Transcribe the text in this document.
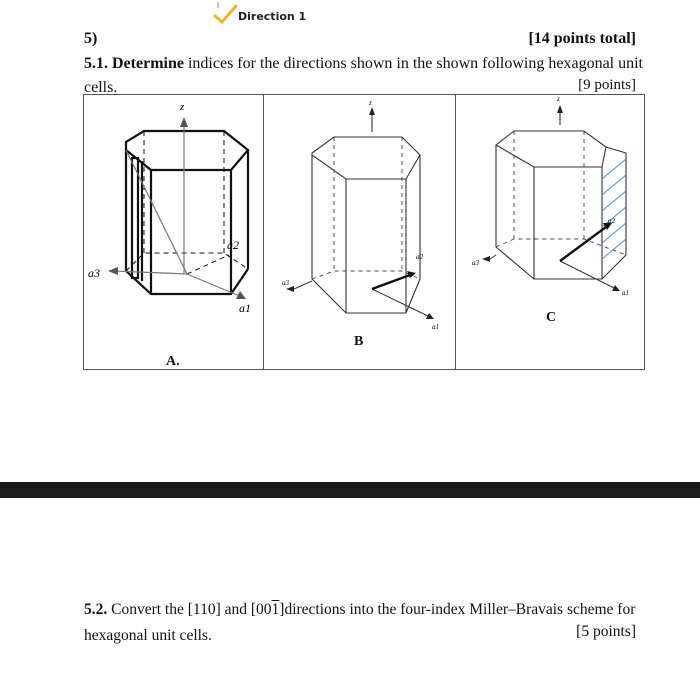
Direction 1
5)	[14 points total]
5.1. Determine indices for the directions shown in the shown following hexagonal unit cells.	[9 points]
z
a2
a3
a1
z
a2
a3
a1
z
a2
a3
a1
A.
B
C
5.2. Convert the [110] and [001]directions into the four-index Miller–Bravais scheme for hexagonal unit cells.	[5 points]
